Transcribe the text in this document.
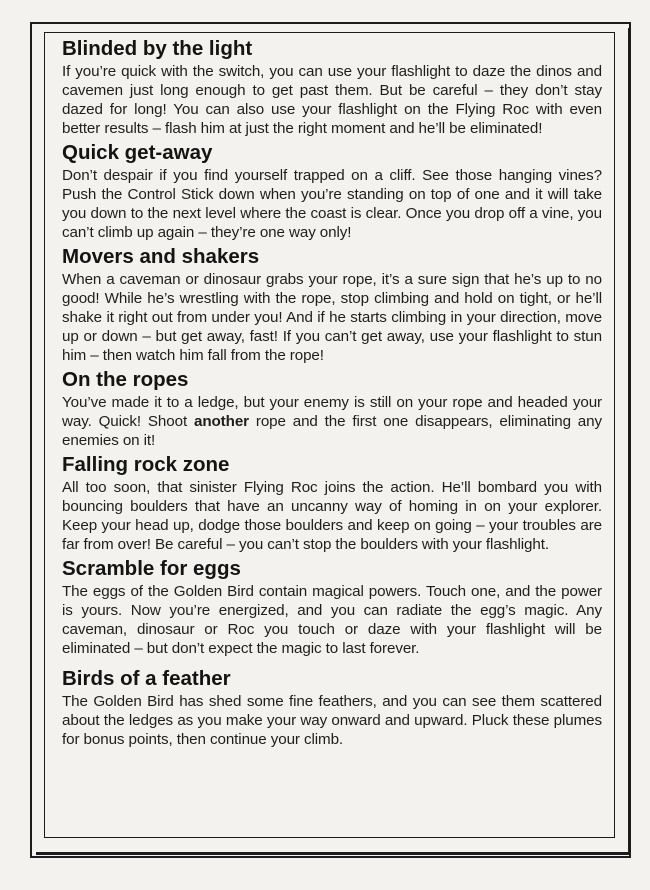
Blinded by the light

If you’re quick with the switch, you can use your flashlight to daze the dinos and cavemen just long enough to get past them. But be careful – they don’t stay dazed for long! You can also use your flashlight on the Flying Roc with even better results – flash him at just the right moment and he’ll be eliminated!

Quick get-away

Don’t despair if you find yourself trapped on a cliff. See those hanging vines? Push the Control Stick down when you’re standing on top of one and it will take you down to the next level where the coast is clear. Once you drop off a vine, you can’t climb up again – they’re one way only!

Movers and shakers

When a caveman or dinosaur grabs your rope, it’s a sure sign that he’s up to no good! While he’s wrestling with the rope, stop climbing and hold on tight, or he’ll shake it right out from under you! And if he starts climbing in your direction, move up or down – but get away, fast! If you can’t get away, use your flashlight to stun him – then watch him fall from the rope!

On the ropes

You’ve made it to a ledge, but your enemy is still on your rope and headed your way. Quick! Shoot another rope and the first one disappears, eliminating any enemies on it!

Falling rock zone

All too soon, that sinister Flying Roc joins the action. He’ll bombard you with bouncing boulders that have an uncanny way of homing in on your explorer. Keep your head up, dodge those boulders and keep on going – your troubles are far from over! Be careful – you can’t stop the boulders with your flashlight.

Scramble for eggs

The eggs of the Golden Bird contain magical powers. Touch one, and the power is yours. Now you’re energized, and you can radiate the egg’s magic. Any caveman, dinosaur or Roc you touch or daze with your flashlight will be eliminated – but don’t expect the magic to last forever.

Birds of a feather

The Golden Bird has shed some fine feathers, and you can see them scattered about the ledges as you make your way onward and upward. Pluck these plumes for bonus points, then continue your climb.
